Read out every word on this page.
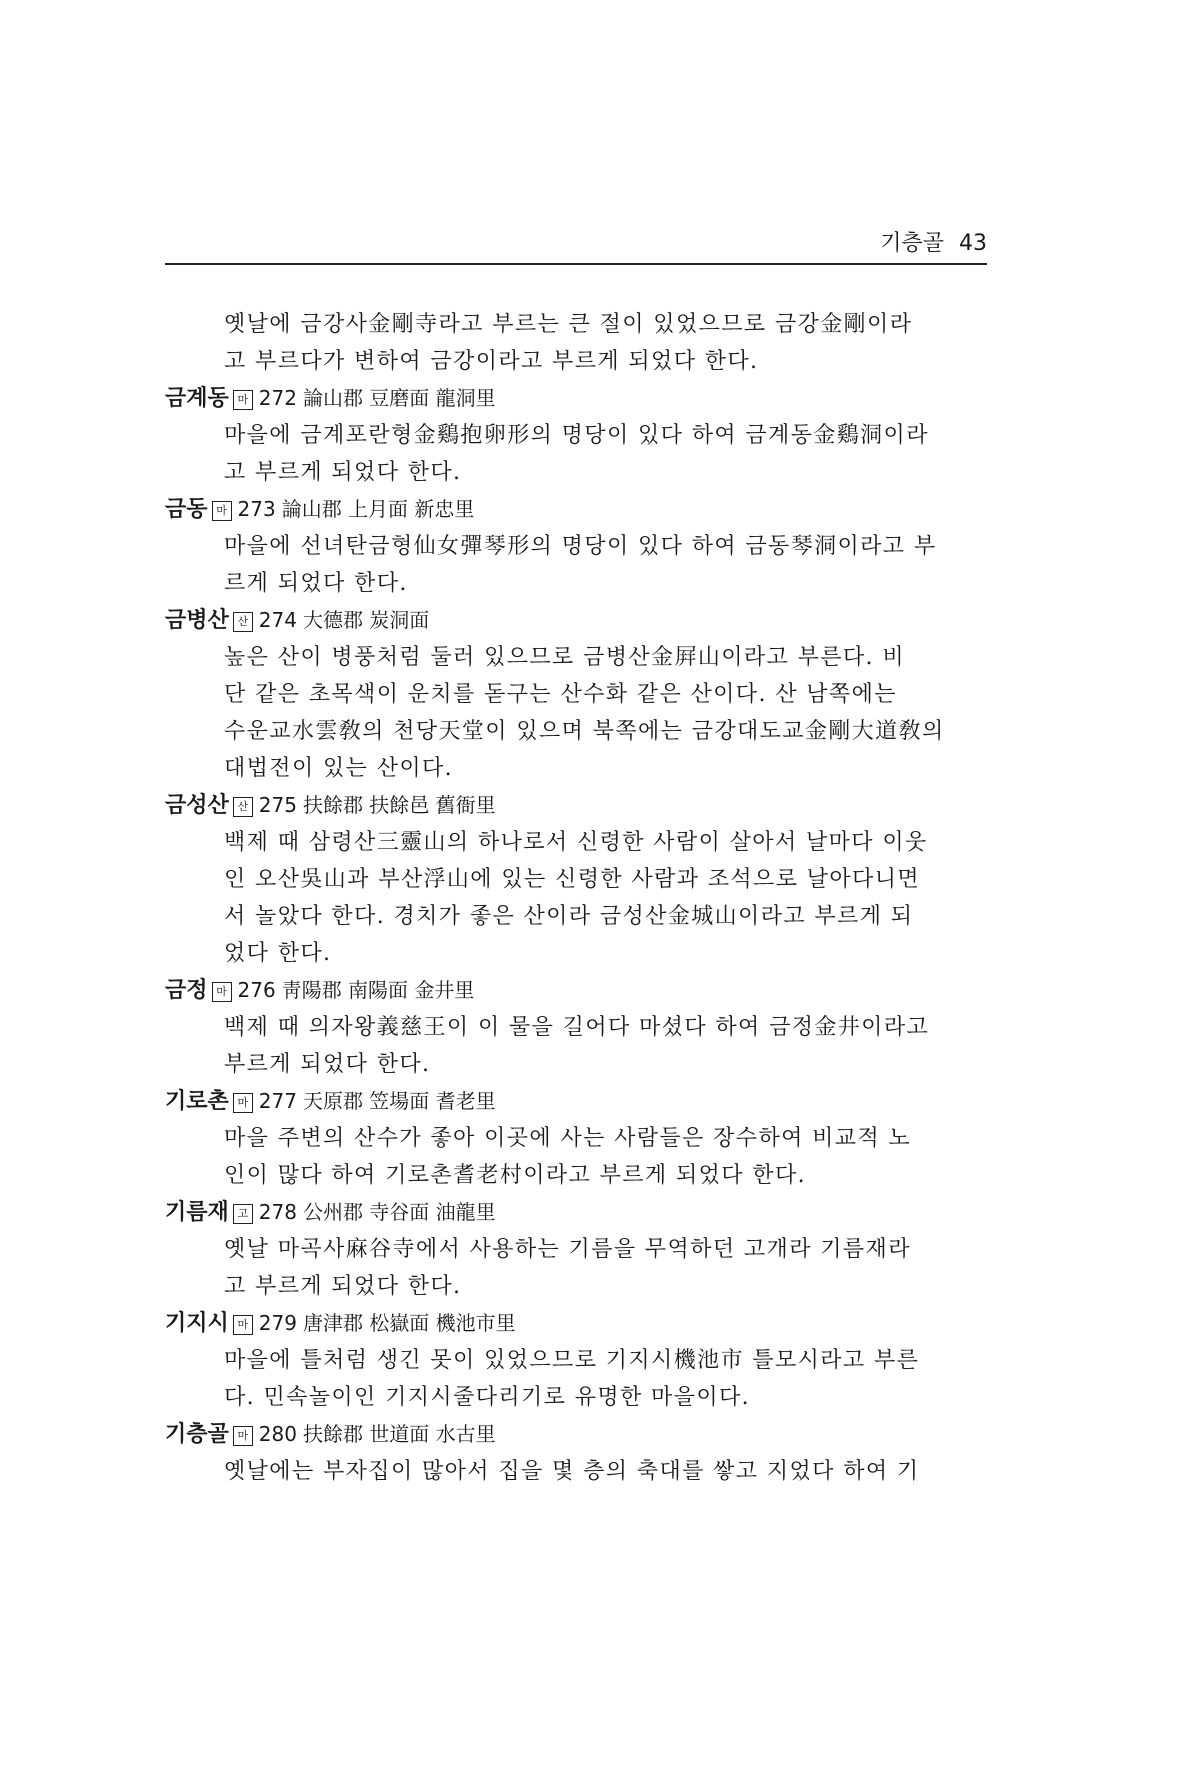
기층골 43
옛날에 금강사金剛寺라고 부르는 큰 절이 있었으므로 금강金剛이라
고 부르다가 변하여 금강이라고 부르게 되었다 한다.
금계동 마 272 論山郡 豆磨面 龍洞里
마을에 금계포란형金鷄抱卵形의 명당이 있다 하여 금계동金鷄洞이라
고 부르게 되었다 한다.
금동 마 273 論山郡 上月面 新忠里
마을에 선녀탄금형仙女彈琴形의 명당이 있다 하여 금동琴洞이라고 부
르게 되었다 한다.
금병산 산 274 大德郡 炭洞面
높은 산이 병풍처럼 둘러 있으므로 금병산金屛山이라고 부른다. 비
단 같은 초목색이 운치를 돋구는 산수화 같은 산이다. 산 남쪽에는
수운교水雲敎의 천당天堂이 있으며 북쪽에는 금강대도교金剛大道敎의
대법전이 있는 산이다.
금성산 산 275 扶餘郡 扶餘邑 舊衙里
백제 때 삼령산三靈山의 하나로서 신령한 사람이 살아서 날마다 이웃
인 오산吳山과 부산浮山에 있는 신령한 사람과 조석으로 날아다니면
서 놀았다 한다. 경치가 좋은 산이라 금성산金城山이라고 부르게 되
었다 한다.
금정 마 276 靑陽郡 南陽面 金井里
백제 때 의자왕義慈王이 이 물을 길어다 마셨다 하여 금정金井이라고
부르게 되었다 한다.
기로촌 마 277 天原郡 笠場面 耆老里
마을 주변의 산수가 좋아 이곳에 사는 사람들은 장수하여 비교적 노
인이 많다 하여 기로촌耆老村이라고 부르게 되었다 한다.
기름재 고 278 公州郡 寺谷面 油龍里
옛날 마곡사麻谷寺에서 사용하는 기름을 무역하던 고개라 기름재라
고 부르게 되었다 한다.
기지시 마 279 唐津郡 松嶽面 機池市里
마을에 틀처럼 생긴 못이 있었으므로 기지시機池市 틀모시라고 부른
다. 민속놀이인 기지시줄다리기로 유명한 마을이다.
기층골 마 280 扶餘郡 世道面 水古里
옛날에는 부자집이 많아서 집을 몇 층의 축대를 쌓고 지었다 하여 기
